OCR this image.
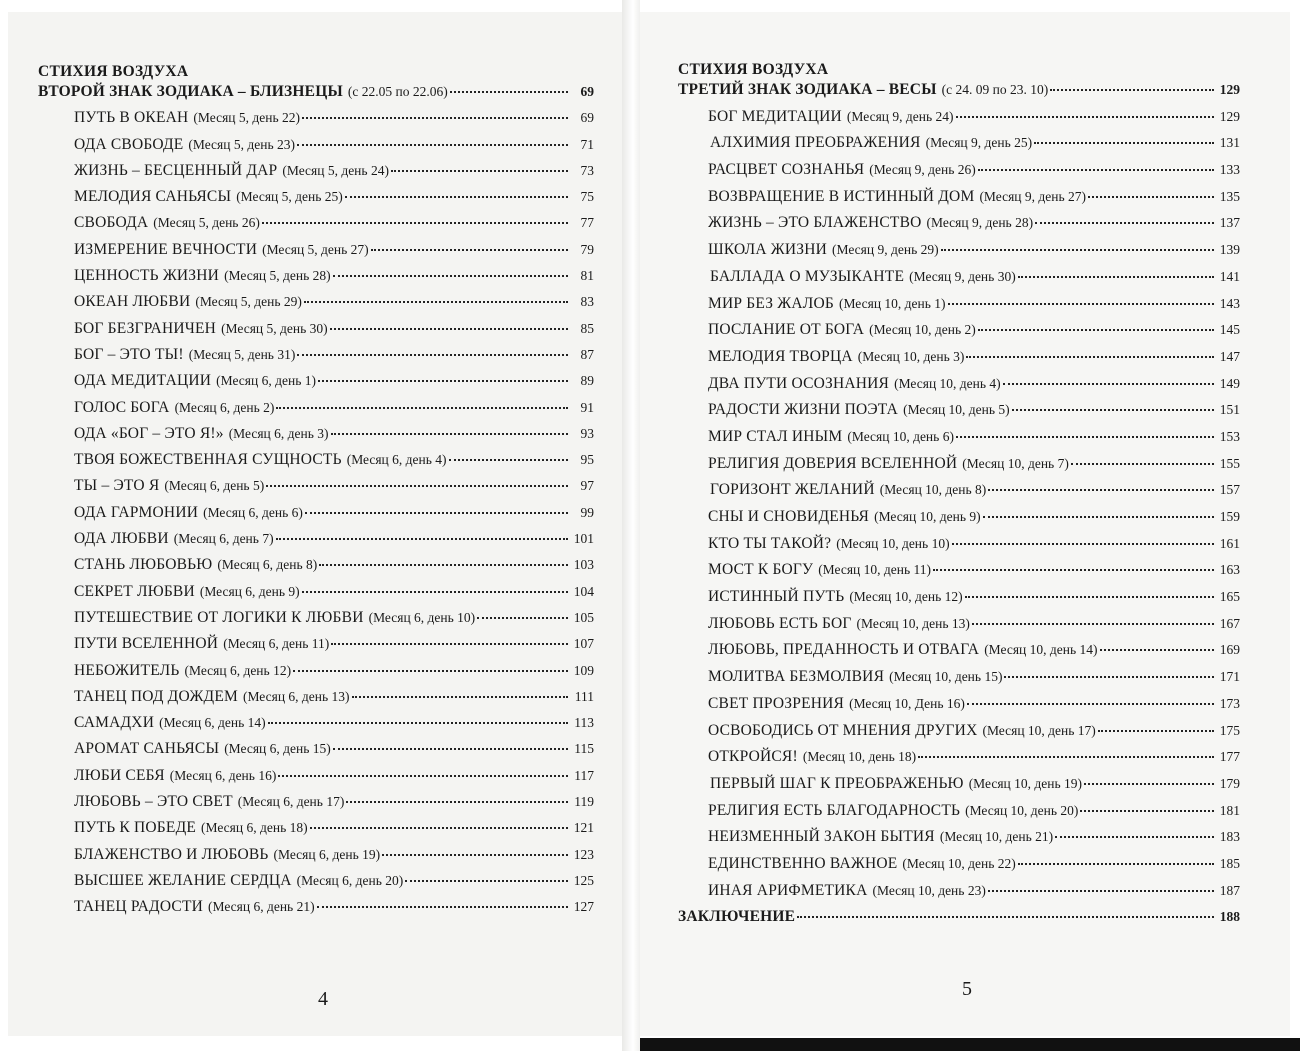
СТИХИЯ ВОЗДУХА
ВТОРОЙ ЗНАК ЗОДИАКА – БЛИЗНЕЦЫ (с 22.05 по 22.06)	69
ПУТЬ В ОКЕАН (Месяц 5, день 22)	69
ОДА СВОБОДЕ (Месяц 5, день 23)	71
ЖИЗНЬ – БЕСЦЕННЫЙ ДАР (Месяц 5, день 24)	73
МЕЛОДИЯ САНЬЯСЫ (Месяц 5, день 25)	75
СВОБОДА (Месяц 5, день 26)	77
ИЗМЕРЕНИЕ ВЕЧНОСТИ (Месяц 5, день 27)	79
ЦЕННОСТЬ ЖИЗНИ (Месяц 5, день 28)	81
ОКЕАН ЛЮБВИ (Месяц 5, день 29)	83
БОГ БЕЗГРАНИЧЕН (Месяц 5, день 30)	85
БОГ – ЭТО ТЫ! (Месяц 5, день 31)	87
ОДА МЕДИТАЦИИ (Месяц 6, день 1)	89
ГОЛОС БОГА (Месяц 6, день 2)	91
ОДА «БОГ – ЭТО Я!» (Месяц 6, день 3)	93
ТВОЯ БОЖЕСТВЕННАЯ СУЩНОСТЬ (Месяц 6, день 4)	95
ТЫ – ЭТО Я (Месяц 6, день 5)	97
ОДА ГАРМОНИИ (Месяц 6, день 6)	99
ОДА ЛЮБВИ (Месяц 6, день 7)	101
СТАНЬ ЛЮБОВЬЮ (Месяц 6, день 8)	103
СЕКРЕТ ЛЮБВИ (Месяц 6, день 9)	104
ПУТЕШЕСТВИЕ ОТ ЛОГИКИ К ЛЮБВИ (Месяц 6, день 10)	105
ПУТИ ВСЕЛЕННОЙ (Месяц 6, день 11)	107
НЕБОЖИТЕЛЬ (Месяц 6, день 12)	109
ТАНЕЦ ПОД ДОЖДЕМ (Месяц 6, день 13)	111
САМАДХИ (Месяц 6, день 14)	113
АРОМАТ САНЬЯСЫ (Месяц 6, день 15)	115
ЛЮБИ СЕБЯ (Месяц 6, день 16)	117
ЛЮБОВЬ – ЭТО СВЕТ (Месяц 6, день 17)	119
ПУТЬ К ПОБЕДЕ (Месяц 6, день 18)	121
БЛАЖЕНСТВО И ЛЮБОВЬ (Месяц 6, день 19)	123
ВЫСШЕЕ ЖЕЛАНИЕ СЕРДЦА (Месяц 6, день 20)	125
ТАНЕЦ РАДОСТИ (Месяц 6, день 21)	127
СТИХИЯ ВОЗДУХА
ТРЕТИЙ ЗНАК ЗОДИАКА – ВЕСЫ (с 24. 09 по 23. 10)	129
БОГ МЕДИТАЦИИ (Месяц 9, день 24)	129
АЛХИМИЯ ПРЕОБРАЖЕНИЯ (Месяц 9, день 25)	131
РАСЦВЕТ СОЗНАНЬЯ (Месяц 9, день 26)	133
ВОЗВРАЩЕНИЕ В ИСТИННЫЙ ДОМ (Месяц 9, день 27)	135
ЖИЗНЬ – ЭТО БЛАЖЕНСТВО (Месяц 9, день 28)	137
ШКОЛА ЖИЗНИ (Месяц 9, день 29)	139
БАЛЛАДА О МУЗЫКАНТЕ (Месяц 9, день 30)	141
МИР БЕЗ ЖАЛОБ (Месяц 10, день 1)	143
ПОСЛАНИЕ ОТ БОГА (Месяц 10, день 2)	145
МЕЛОДИЯ ТВОРЦА (Месяц 10, день 3)	147
ДВА ПУТИ ОСОЗНАНИЯ (Месяц 10, день 4)	149
РАДОСТИ ЖИЗНИ ПОЭТА (Месяц 10, день 5)	151
МИР СТАЛ ИНЫМ (Месяц 10, день 6)	153
РЕЛИГИЯ ДОВЕРИЯ ВСЕЛЕННОЙ (Месяц 10, день 7)	155
ГОРИЗОНТ ЖЕЛАНИЙ (Месяц 10, день 8)	157
СНЫ И СНОВИДЕНЬЯ (Месяц 10, день 9)	159
КТО ТЫ ТАКОЙ? (Месяц 10, день 10)	161
МОСТ К БОГУ (Месяц 10, день 11)	163
ИСТИННЫЙ ПУТЬ (Месяц 10, день 12)	165
ЛЮБОВЬ ЕСТЬ БОГ (Месяц 10, день 13)	167
ЛЮБОВЬ, ПРЕДАННОСТЬ И ОТВАГА (Месяц 10, день 14)	169
МОЛИТВА БЕЗМОЛВИЯ (Месяц 10, день 15)	171
СВЕТ ПРОЗРЕНИЯ (Месяц 10, День 16)	173
ОСВОБОДИСЬ ОТ МНЕНИЯ ДРУГИХ (Месяц 10, день 17)	175
ОТКРОЙСЯ! (Месяц 10, день 18)	177
ПЕРВЫЙ ШАГ К ПРЕОБРАЖЕНЬЮ (Месяц 10, день 19)	179
РЕЛИГИЯ ЕСТЬ БЛАГОДАРНОСТЬ (Месяц 10, день 20)	181
НЕИЗМЕННЫЙ ЗАКОН БЫТИЯ (Месяц 10, день 21)	183
ЕДИНСТВЕННО ВАЖНОЕ (Месяц 10, день 22)	185
ИНАЯ АРИФМЕТИКА (Месяц 10, день 23)	187
ЗАКЛЮЧЕНИЕ	188
4	5
